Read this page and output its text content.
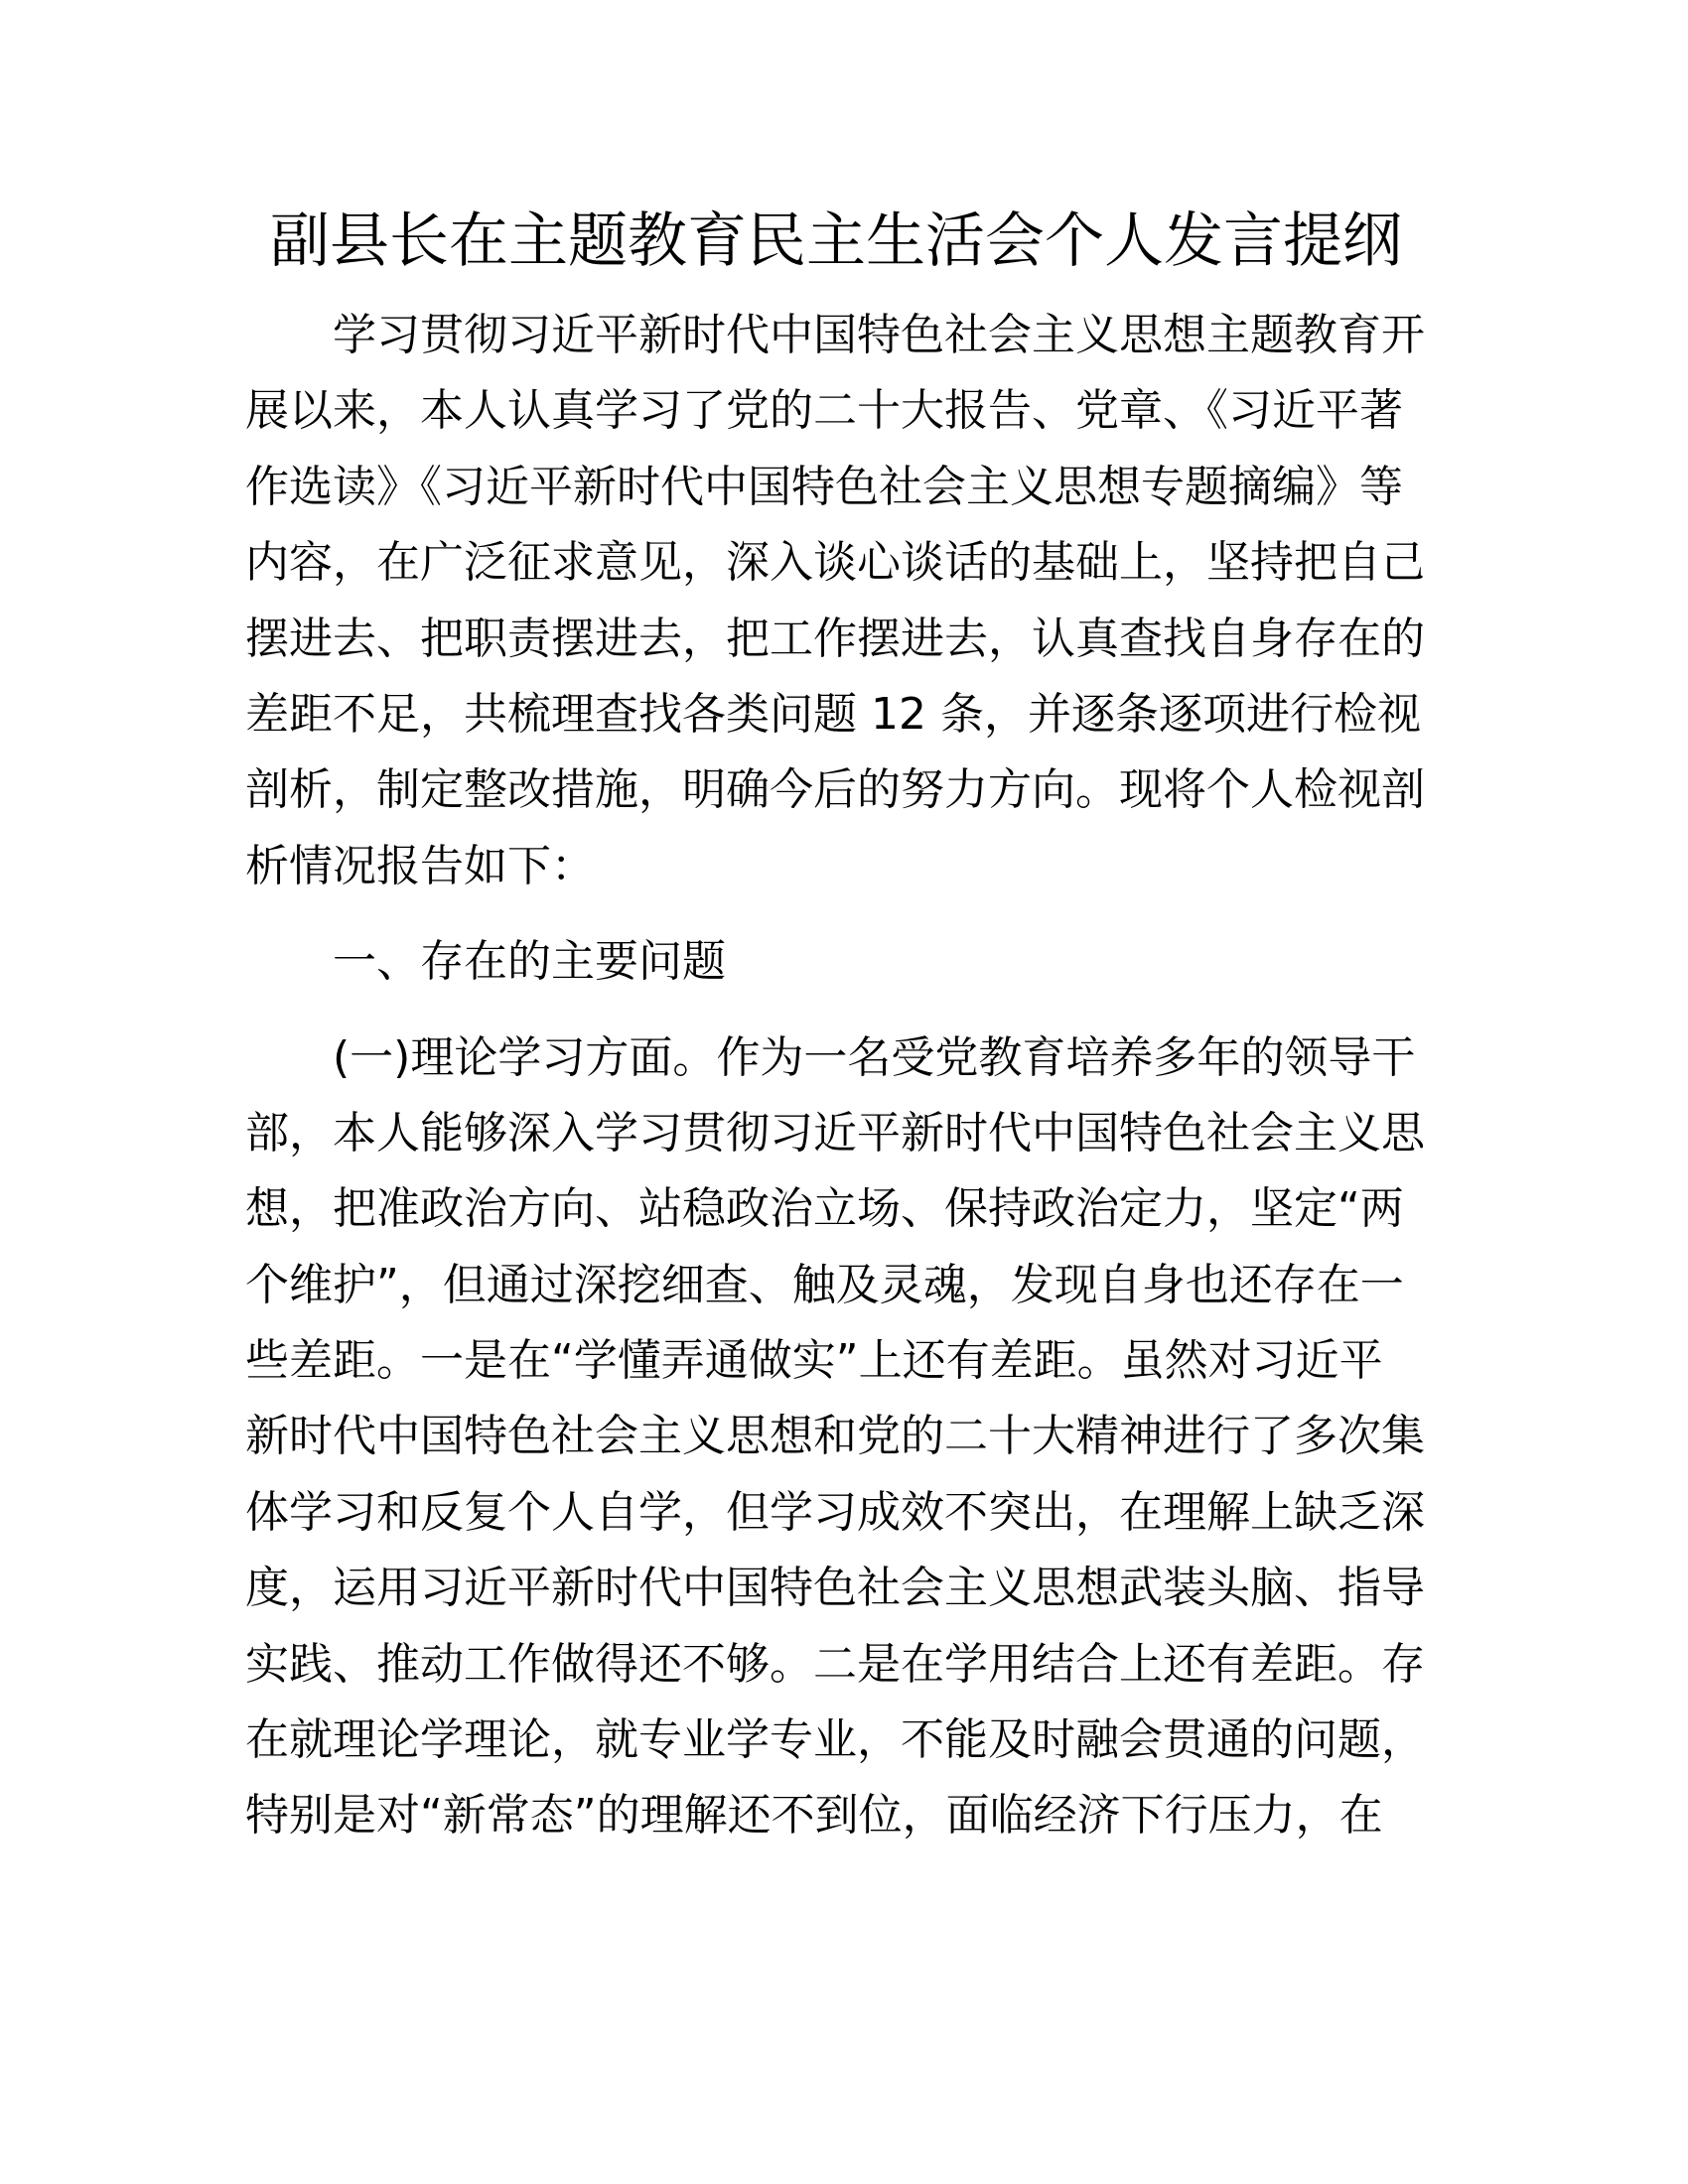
副县长在主题教育民主生活会个人发言提纲
学习贯彻习近平新时代中国特色社会主义思想主题教育开
展以来，本人认真学习了党的二十大报告、党章、《习近平著
作选读》《习近平新时代中国特色社会主义思想专题摘编》等
内容，在广泛征求意见，深入谈心谈话的基础上，坚持把自己
摆进去、把职责摆进去，把工作摆进去，认真查找自身存在的
差距不足，共梳理查找各类问题 12 条，并逐条逐项进行检视
剖析，制定整改措施，明确今后的努力方向。现将个人检视剖
析情况报告如下：
一、存在的主要问题
(一)理论学习方面。作为一名受党教育培养多年的领导干
部，本人能够深入学习贯彻习近平新时代中国特色社会主义思
想，把准政治方向、站稳政治立场、保持政治定力，坚定“两
个维护”，但通过深挖细查、触及灵魂，发现自身也还存在一
些差距。一是在“学懂弄通做实”上还有差距。虽然对习近平
新时代中国特色社会主义思想和党的二十大精神进行了多次集
体学习和反复个人自学，但学习成效不突出，在理解上缺乏深
度，运用习近平新时代中国特色社会主义思想武装头脑、指导
实践、推动工作做得还不够。二是在学用结合上还有差距。存
在就理论学理论，就专业学专业，不能及时融会贯通的问题，
特别是对“新常态”的理解还不到位，面临经济下行压力，在
